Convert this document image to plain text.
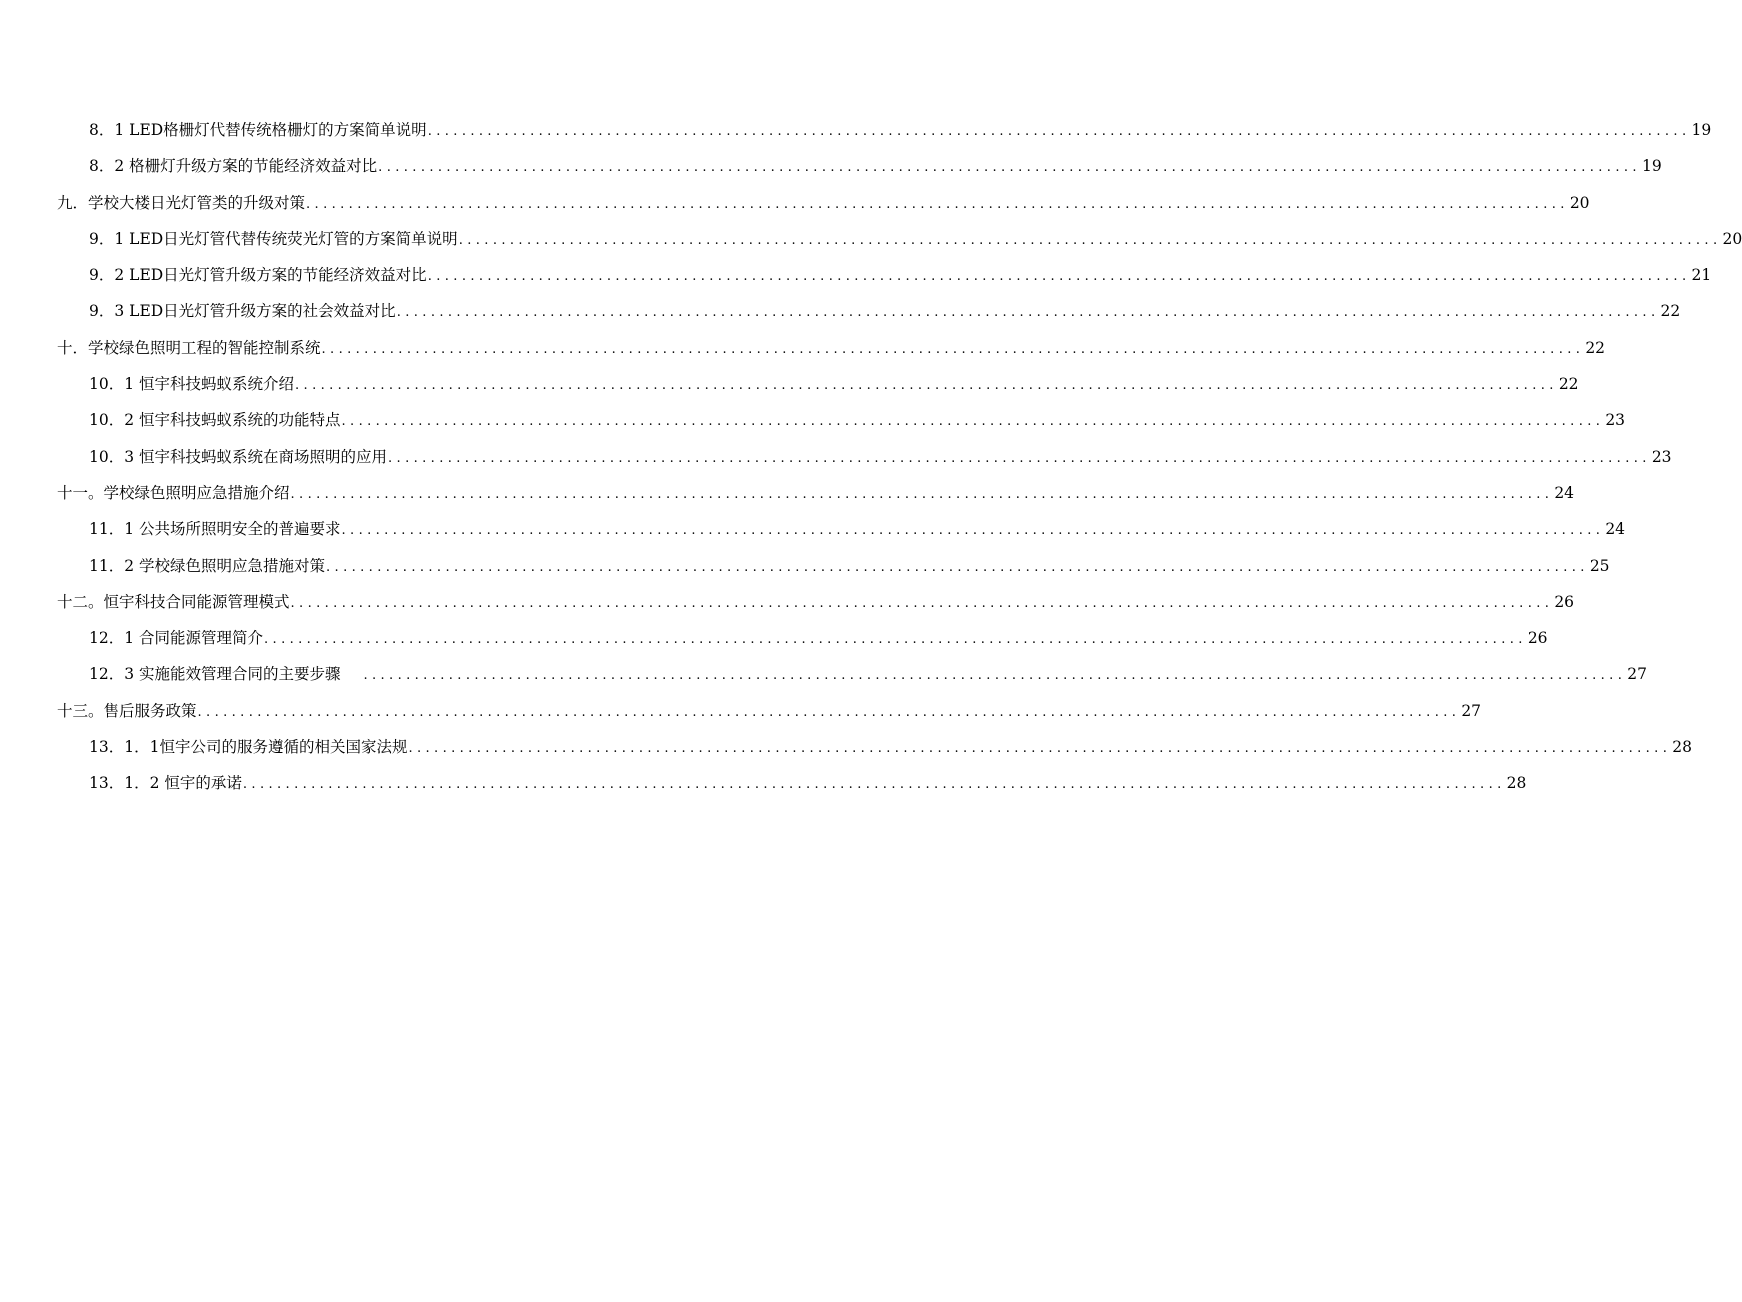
8．1 LED格栅灯代替传统格栅灯的方案简单说明 .................................................................................................................................................... 19
8．2 格栅灯升级方案的节能经济效益对比 .................................................................................................................................................... 19
九．学校大楼日光灯管类的升级对策 .................................................................................................................................................... 20
9．1 LED日光灯管代替传统荧光灯管的方案简单说明 .................................................................................................................................................... 20
9．2 LED日光灯管升级方案的节能经济效益对比 .................................................................................................................................................... 21
9．3 LED日光灯管升级方案的社会效益对比 .................................................................................................................................................... 22
十．学校绿色照明工程的智能控制系统 .................................................................................................................................................... 22
10．1 恒宇科技蚂蚁系统介绍 .................................................................................................................................................... 22
10．2 恒宇科技蚂蚁系统的功能特点 .................................................................................................................................................... 23
10．3 恒宇科技蚂蚁系统在商场照明的应用 .................................................................................................................................................... 23
十一。学校绿色照明应急措施介绍 .................................................................................................................................................... 24
11．1 公共场所照明安全的普遍要求 .................................................................................................................................................... 24
11．2 学校绿色照明应急措施对策 .................................................................................................................................................... 25
十二。恒宇科技合同能源管理模式 .................................................................................................................................................... 26
12．1 合同能源管理简介 .................................................................................................................................................... 26
12．3 实施能效管理合同的主要步骤 .................................................................................................................................................... 27
十三。售后服务政策 .................................................................................................................................................... 27
13．1．1恒宇公司的服务遵循的相关国家法规 .................................................................................................................................................... 28
13．1．2 恒宇的承诺 .................................................................................................................................................... 28
